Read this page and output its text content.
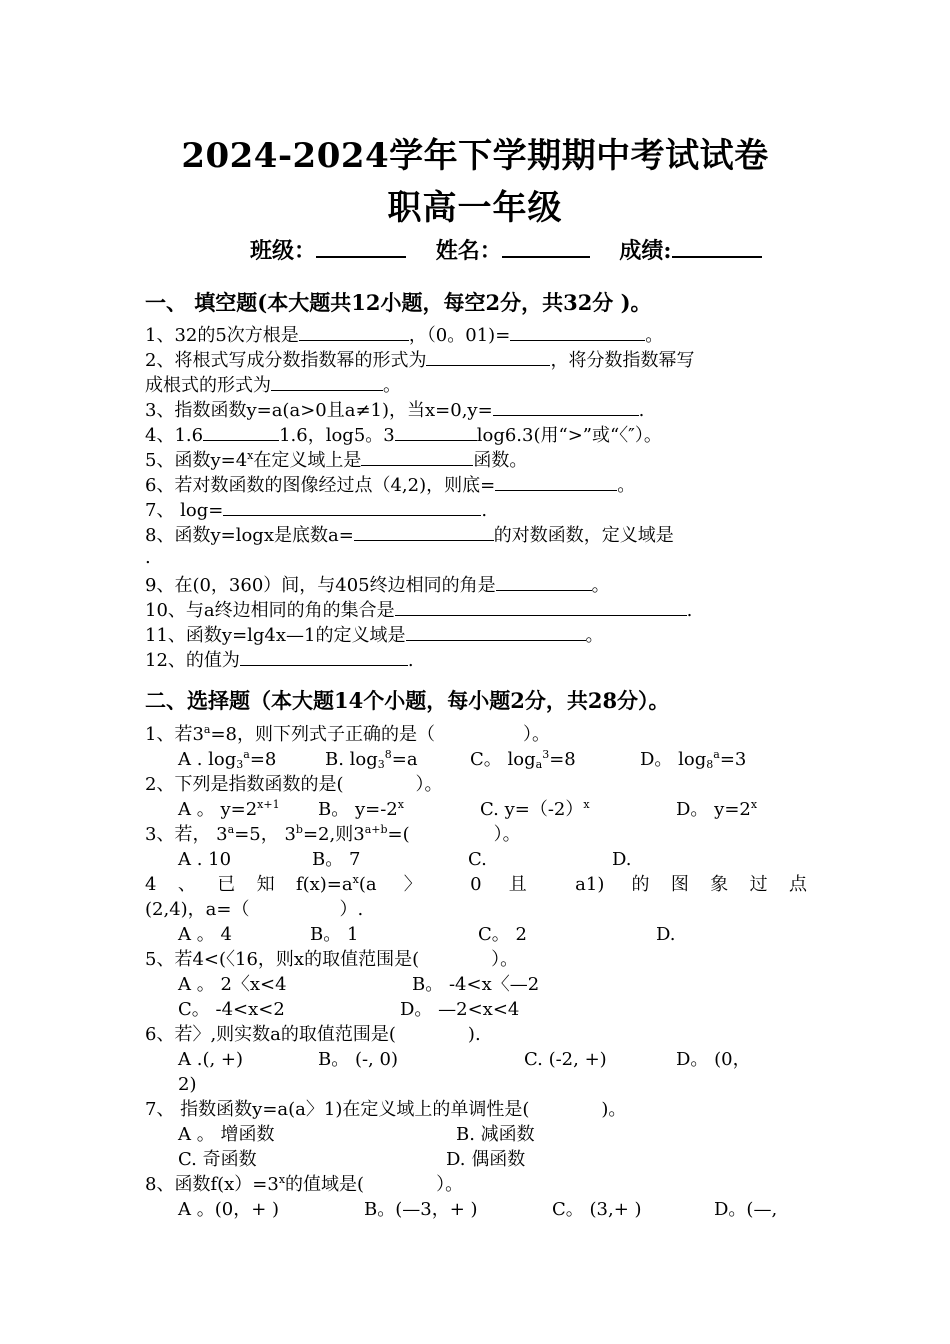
2024-2024学年下学期期中考试试卷
职高一年级
班级：	姓名：	成绩:
一、 填空题(本大题共12小题，每空2分，共32分 )。
1、32的5次方根是	，（0。01)=	。
2、将根式写成分数指数幂的形式为	，将分数指数幂写
成根式的形式为	。
3、指数函数y=a(a>0且a≠1)，当x=0,y=	.
4、1.6	1.6，log5。3	log6.3(用“>”或“〈″）。
5、函数$y=4^x$在定义域上是	函数。
6、若对数函数的图像经过点（4,2)，则底=	。
7、 log=	.
8、函数y=logx是底数a=	的对数函数，定义域是
.
9、在(0，360）间，与405终边相同的角是	。
10、与a终边相同的角的集合是	.
11、函数y=lg4x—1的定义域是	。
12、的值为	.
二、选择题（本大题14个小题，每小题2分，共28分）。
1、若$3^a=8$，则下列式子正确的是（	）。
A . $\log_3^a=8$	B. $\log_3^8=a$	C。 $\log_a^3=8$	D。 $\log_8^a=3$
2、下列是指数函数的是(　　　　）。
A 。 $y=2^{x+1}$ B。 $y=-2^x$	C. $y=(-2)^x$	D。 $y=2^x$
3、若， $3^a=5$， $3^b=2$,则$3^{a+b}=$(	）。
A . 10	B。 7	C.	D.
4、已知$f(x)=a^x(a$ 〉 0 且 a1) 的图象过点
(2,4)，a=（　　　　　）.
A 。 4	B。 1	C。 2	D.
5、若4<(〈16，则x的取值范围是(　　　　）。
A 。 2〈x<4	B。 -4<x〈—2
C。 -4<x<2	D。 —2<x<4
6、若〉,则实数a的取值范围是(　　　　).
A .(, +)	B。 (-, 0)	C. (-2, +)	D。 (0，
2)
7、 指数函数y=a(a〉1)在定义域上的单调性是(　　　　)。
A 。 增函数	B. 减函数
C. 奇函数	D. 偶函数
8、函数$f(x)=3^x$的值域是(　　　　）。
A 。(0，+ )	B。(—3，+ )	C。 (3,+ )	D。(—,
